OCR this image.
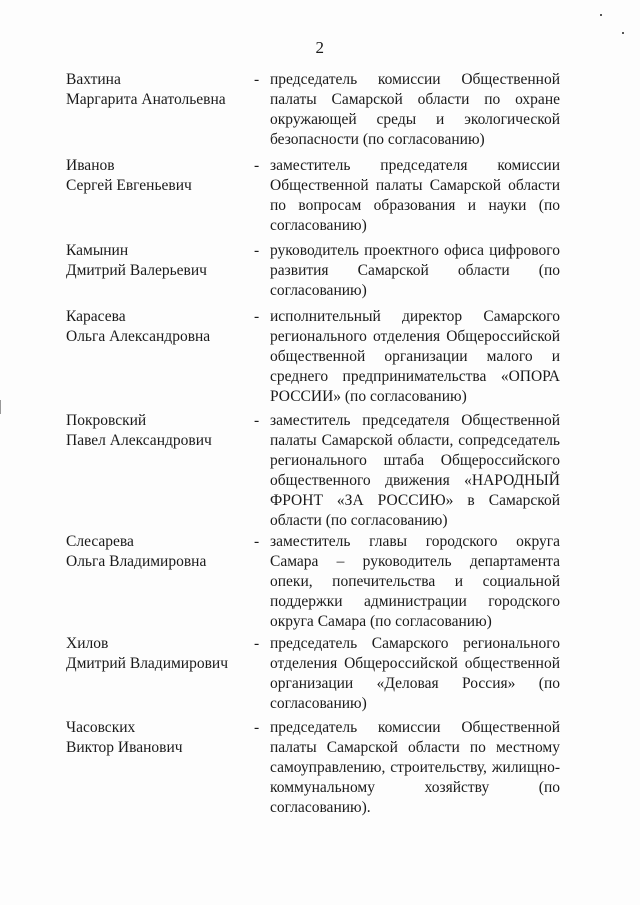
2
Вахтина
Маргарита Анатольевна
- председатель комиссии Общественной палаты Самарской области по охране окружающей среды и экологической безопасности (по согласованию)
Иванов
Сергей Евгеньевич
- заместитель председателя комиссии Общественной палаты Самарской области по вопросам образования и науки (по согласованию)
Камынин
Дмитрий Валерьевич
- руководитель проектного офиса цифрового развития Самарской области (по согласованию)
Карасева
Ольга Александровна
- исполнительный директор Самарского регионального отделения Общероссийской общественной организации малого и среднего предпринимательства «ОПОРА РОССИИ» (по согласованию)
Покровский
Павел Александрович
- заместитель председателя Общественной палаты Самарской области, сопредседатель регионального штаба Общероссийского общественного движения «НАРОДНЫЙ ФРОНТ «ЗА РОССИЮ» в Самарской области (по согласованию)
Слесарева
Ольга Владимировна
- заместитель главы городского округа Самара – руководитель департамента опеки, попечительства и социальной поддержки администрации городского округа Самара (по согласованию)
Хилов
Дмитрий Владимирович
- председатель Самарского регионального отделения Общероссийской общественной организации «Деловая Россия» (по согласованию)
Часовских
Виктор Иванович
- председатель комиссии Общественной палаты Самарской области по местному самоуправлению, строительству, жилищно-коммунальному хозяйству (по согласованию).
